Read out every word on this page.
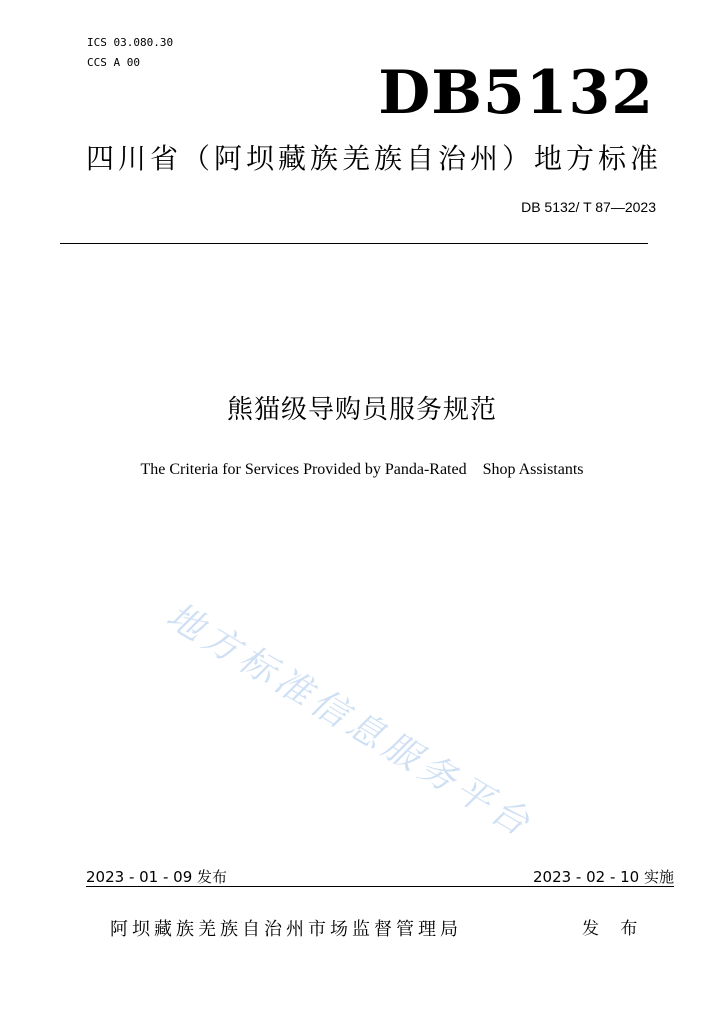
ICS 03.080.30
CCS A 00	DB5132
四川省（阿坝藏族羌族自治州）地方标准
DB 5132/ T 87—2023
熊猫级导购员服务规范
The Criteria for Services Provided by Panda-Rated    Shop Assistants
地方标准信息服务平台
2023 - 01 - 09 发布	2023 - 02 - 10 实施
阿坝藏族羌族自治州市场监督管理局	发 布
